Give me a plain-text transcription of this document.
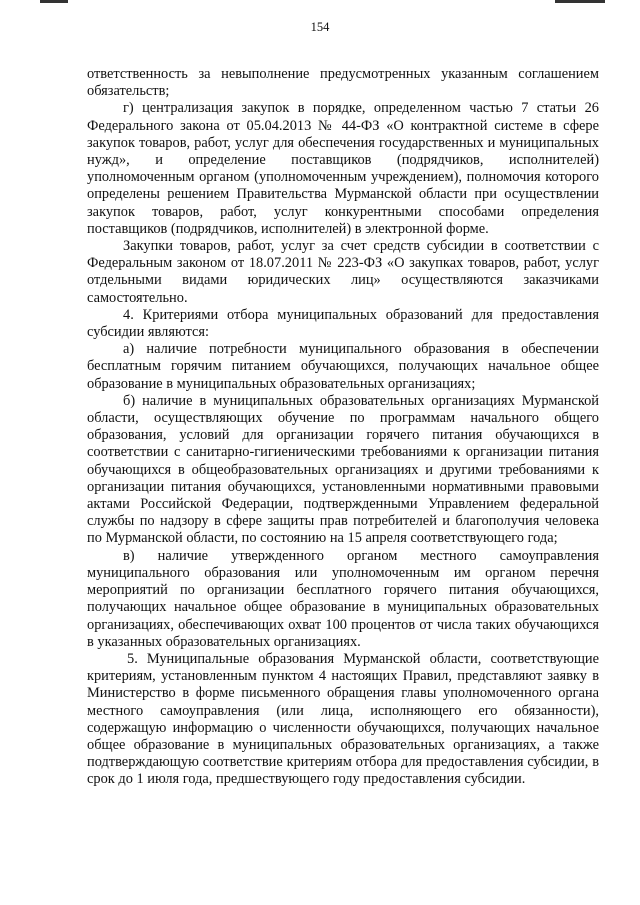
154

ответственность за невыполнение предусмотренных указанным соглашением обязательств;

г) централизация закупок в порядке, определенном частью 7 статьи 26 Федерального закона от 05.04.2013 № 44-ФЗ «О контрактной системе в сфере закупок товаров, работ, услуг для обеспечения государственных и муниципальных нужд», и определение поставщиков (подрядчиков, исполнителей) уполномоченным органом (уполномоченным учреждением), полномочия которого определены решением Правительства Мурманской области при осуществлении закупок товаров, работ, услуг конкурентными способами определения поставщиков (подрядчиков, исполнителей) в электронной форме.

Закупки товаров, работ, услуг за счет средств субсидии в соответствии с Федеральным законом от 18.07.2011 № 223-ФЗ «О закупках товаров, работ, услуг отдельными видами юридических лиц» осуществляются заказчиками самостоятельно.

4. Критериями отбора муниципальных образований для предоставления субсидии являются:

а) наличие потребности муниципального образования в обеспечении бесплатным горячим питанием обучающихся, получающих начальное общее образование в муниципальных образовательных организациях;

б) наличие в муниципальных образовательных организациях Мурманской области, осуществляющих обучение по программам начального общего образования, условий для организации горячего питания обучающихся в соответствии с санитарно-гигиеническими требованиями к организации питания обучающихся в общеобразовательных организациях и другими требованиями к организации питания обучающихся, установленными нормативными правовыми актами Российской Федерации, подтвержденными Управлением федеральной службы по надзору в сфере защиты прав потребителей и благополучия человека по Мурманской области, по состоянию на 15 апреля соответствующего года;

в) наличие утвержденного органом местного самоуправления муниципального образования или уполномоченным им органом перечня мероприятий по организации бесплатного горячего питания обучающихся, получающих начальное общее образование в муниципальных образовательных организациях, обеспечивающих охват 100 процентов от числа таких обучающихся в указанных образовательных организациях.

5. Муниципальные образования Мурманской области, соответствующие критериям, установленным пунктом 4 настоящих Правил, представляют заявку в Министерство в форме письменного обращения главы уполномоченного органа местного самоуправления (или лица, исполняющего его обязанности), содержащую информацию о численности обучающихся, получающих начальное общее образование в муниципальных образовательных организациях, а также подтверждающую соответствие критериям отбора для предоставления субсидии, в срок до 1 июля года, предшествующего году предоставления субсидии.
